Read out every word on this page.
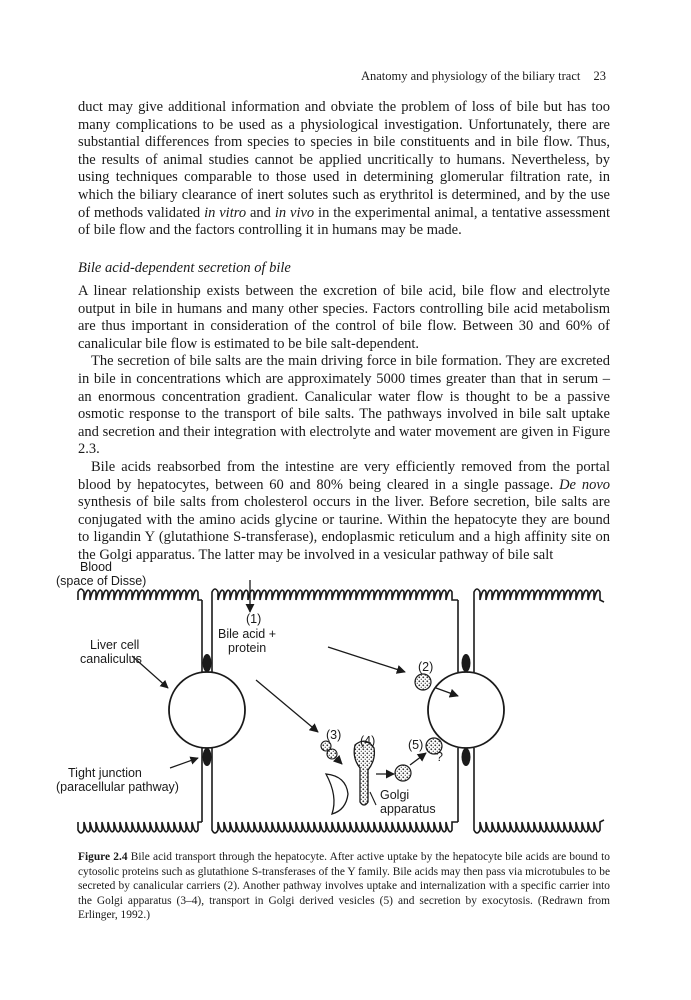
Anatomy and physiology of the biliary tract 23

duct may give additional information and obviate the problem of loss of bile but has too many complications to be used as a physiological investigation. Unfortunately, there are substantial differences from species to species in bile constituents and in bile flow. Thus, the results of animal studies cannot be applied uncritically to humans. Nevertheless, by using techniques comparable to those used in determining glomerular filtration rate, in which the biliary clearance of inert solutes such as erythritol is determined, and by the use of methods validated in vitro and in vivo in the experimental animal, a tentative assessment of bile flow and the factors controlling it in humans may be made.

Bile acid-dependent secretion of bile

A linear relationship exists between the excretion of bile acid, bile flow and electrolyte output in bile in humans and many other species. Factors controlling bile acid metabolism are thus important in consideration of the control of bile flow. Between 30 and 60% of canalicular bile flow is estimated to be bile salt-dependent.

The secretion of bile salts are the main driving force in bile formation. They are excreted in bile in concentrations which are approximately 5000 times greater than that in serum – an enormous concentration gradient. Canalicular water flow is thought to be a passive osmotic response to the transport of bile salts. The pathways involved in bile salt uptake and secretion and their integration with electrolyte and water movement are given in Figure 2.3.

Bile acids reabsorbed from the intestine are very efficiently removed from the portal blood by hepatocytes, between 60 and 80% being cleared in a single passage. De novo synthesis of bile salts from cholesterol occurs in the liver. Before secretion, bile salts are conjugated with the amino acids glycine or taurine. Within the hepatocyte they are bound to ligandin Y (glutathione S-transferase), endoplasmic reticulum and a high affinity site on the Golgi apparatus. The latter may be involved in a vesicular pathway of bile salt

Blood
(space of Disse)
(1)
Bile acid +
protein
Liver cell
canaliculus
(2)
(3) (4)	(5)
?
Tight junction
(paracellular pathway)
Golgi
apparatus
Figure 2.4 Bile acid transport through the hepatocyte. After active uptake by the hepatocyte bile acids are bound to cytosolic proteins such as glutathione S-transferases of the Y family. Bile acids may then pass via microtubules to be secreted by canalicular carriers (2). Another pathway involves uptake and internalization with a specific carrier into the Golgi apparatus (3–4), transport in Golgi derived vesicles (5) and secretion by exocytosis. (Redrawn from Erlinger, 1992.)
